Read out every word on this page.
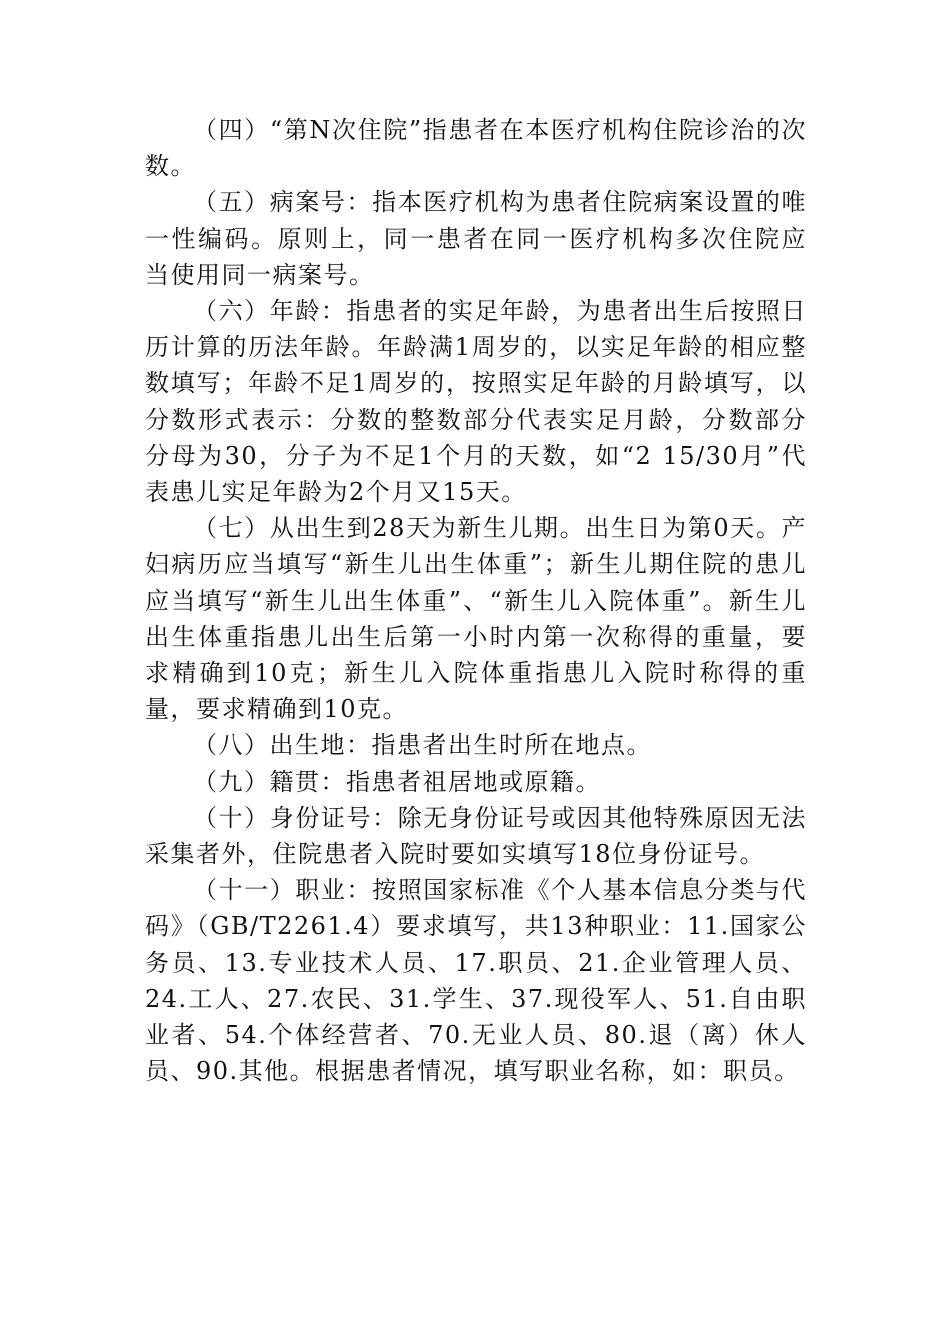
（四）“第N次住院”指患者在本医疗机构住院诊治的次数。

（五）病案号：指本医疗机构为患者住院病案设置的唯一性编码。原则上，同一患者在同一医疗机构多次住院应当使用同一病案号。

（六）年龄：指患者的实足年龄，为患者出生后按照日历计算的历法年龄。年龄满1周岁的，以实足年龄的相应整数填写；年龄不足1周岁的，按照实足年龄的月龄填写，以分数形式表示：分数的整数部分代表实足月龄，分数部分分母为30，分子为不足1个月的天数，如“2 15/30月”代表患儿实足年龄为2个月又15天。

（七）从出生到28天为新生儿期。出生日为第0天。产妇病历应当填写“新生儿出生体重”；新生儿期住院的患儿应当填写“新生儿出生体重”、“新生儿入院体重”。新生儿出生体重指患儿出生后第一小时内第一次称得的重量，要求精确到10克；新生儿入院体重指患儿入院时称得的重量，要求精确到10克。

（八）出生地：指患者出生时所在地点。

（九）籍贯：指患者祖居地或原籍。

（十）身份证号：除无身份证号或因其他特殊原因无法采集者外，住院患者入院时要如实填写18位身份证号。

（十一）职业：按照国家标准《个人基本信息分类与代码》（GB/T2261.4）要求填写，共13种职业：11.国家公务员、13.专业技术人员、17.职员、21.企业管理人员、24.工人、27.农民、31.学生、37.现役军人、51.自由职业者、54.个体经营者、70.无业人员、80.退（离）休人员、90.其他。根据患者情况，填写职业名称，如：职员。
